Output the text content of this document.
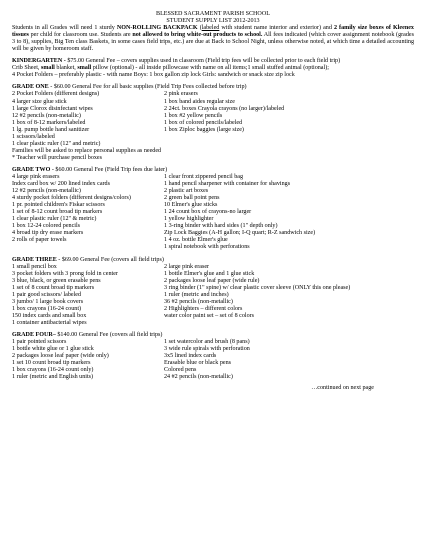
BLESSED SACRAMENT PARISH SCHOOL
STUDENT SUPPLY LIST 2012-2013
Students in all Grades will need 1 sturdy NON-ROLLING BACKPACK (labeled with student name interior and exterior) and 2 family size boxes of Kleenex tissues per child for classroom use. Students are not allowed to bring white-out products to school. All fees indicated (which cover assignment notebook (grades 3 to 8), supplies, Big Ten class Baskets, in some cases field trips, etc.) are due at Back to School Night, unless otherwise noted, at which time a detailed accounting will be given by homeroom staff.
KINDERGARTEN - $75.00 General Fee – covers supplies used in classroom (Field trip fees will be collected prior to each field trip)
Crib Sheet, small blanket, small pillow (optional) - all inside pillowcase with name on all items;1 small stuffed animal (optional);
4 Pocket Folders – preferably plastic - with name Boys: 1 box gallon zip lock Girls: sandwich or snack size zip lock
GRADE ONE - $60.00 General Fee for all basic supplies (Field Trip Fees collected before trip)
2 Pocket Folders (different designs)	2 pink erasers
4 larger size glue stick	1 box band aides regular size
1 large Clorox disinfectant wipes	2 24ct. boxes Crayola crayons (no larger)/labeled
12 #2 pencils (non-metallic)	1 box #2 yellow pencils
1 box of 8-12 markers/labeled	1 box of colored pencils/labeled
1 lg. pump bottle hand sanitizer	1 box Ziploc baggies (large size)
1 scissors/labeled
1 clear plastic ruler (12" and metric)
Families will be asked to replace personal supplies as needed
* Teacher will purchase pencil boxes
GRADE TWO - $60.00 General Fee (Field Trip fees due later)
4 large pink erasers	1 clear front zippered pencil bag
Index card box w/ 200 lined index cards	1 hand pencil sharpener with container for shavings
12 #2 pencils (non-metallic)	2 plastic art boxes
4 sturdy pocket folders (different designs/colors)	2 green ball point pens
1 pr. pointed children's Fiskar scissors	10 Elmer's glue sticks
1 set of 8-12 count broad tip markers	1 24 count box of crayons-no larger
1 clear plastic ruler (12" & metric)	1 yellow highlighter
1 box 12-24 colored pencils	1 3-ring binder with hard sides (1" depth only)
4 broad tip dry erase markers	Zip Lock Baggies (A-H gallon; I-Q quart; R-Z sandwich size)
2 rolls of paper towels	1 4 oz. bottle Elmer's glue
1 spiral notebook with perforations
GRADE THREE - $69.00 General Fee (covers all field trips)
1 small pencil box	2 large pink eraser
3 pocket folders with 3 prong fold in center	1 bottle Elmer's glue and 1 glue stick
3 blue, black, or green erasable pens	2 packages loose leaf paper (wide rule)
1 set of 8 count broad tip markers	3 ring binder (1" spine) w/ clear plastic cover sleeve (ONLY this one please)
1 pair good scissors/ labeled	1 ruler (metric and inches)
3 jumbo/ 1 large book covers	36 #2 pencils (non-metallic)
1 box crayons (16-24 count)	2 Highlighters – different colors
150 index cards and small box	water color paint set – set of 8 colors
1 container antibacterial wipes
GRADE FOUR– $140.00 General Fee (covers all field trips)
1 pair pointed scissors	1 set watercolor and brush (8 pans)
1 bottle white glue or 1 glue stick	3 wide rule spirals with perforation
2 packages loose leaf paper (wide only)	3x5 lined index cards
1 set 10 count broad tip markers	Erasable blue or black pens
1 box crayons (16-24 count only)	Colored pens
1 ruler (metric and English units)	24 #2 pencils (non-metallic)
…continued on next page
